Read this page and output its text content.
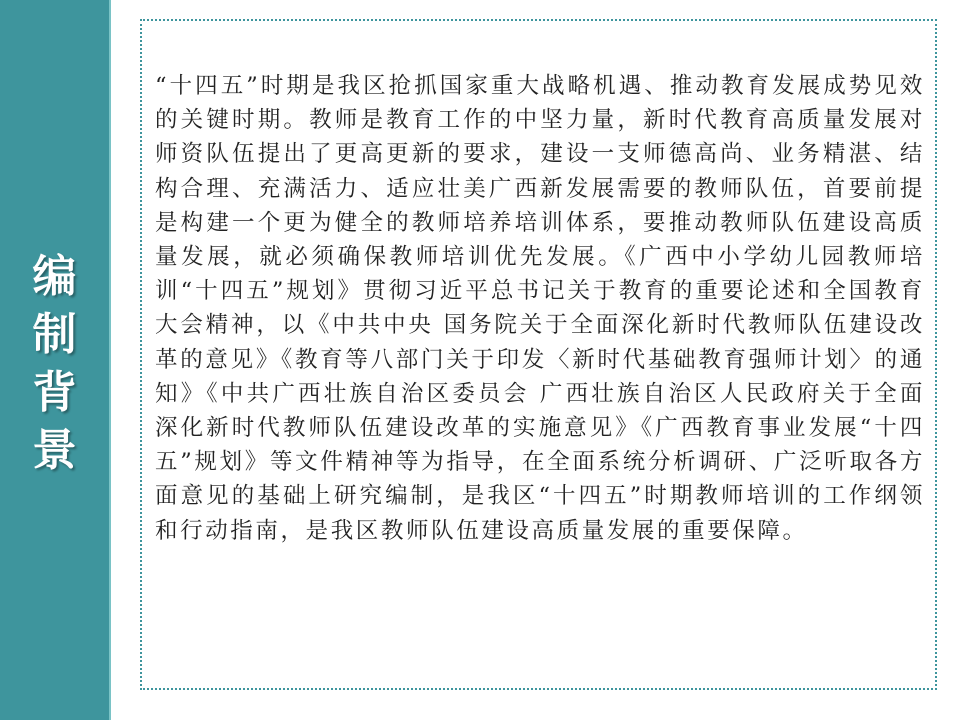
编
制
背
景

“十四五”时期是我区抢抓国家重大战略机遇、推动教育发展成势见效的关键时期。教师是教育工作的中坚力量，新时代教育高质量发展对师资队伍提出了更高更新的要求，建设一支师德高尚、业务精湛、结构合理、充满活力、适应壮美广西新发展需要的教师队伍，首要前提是构建一个更为健全的教师培养培训体系，要推动教师队伍建设高质量发展，就必须确保教师培训优先发展。《广西中小学幼儿园教师培训“十四五”规划》贯彻习近平总书记关于教育的重要论述和全国教育大会精神，以《中共中央 国务院关于全面深化新时代教师队伍建设改革的意见》《教育等八部门关于印发〈新时代基础教育强师计划〉的通知》《中共广西壮族自治区委员会 广西壮族自治区人民政府关于全面深化新时代教师队伍建设改革的实施意见》《广西教育事业发展“十四五”规划》等文件精神等为指导，在全面系统分析调研、广泛听取各方面意见的基础上研究编制，是我区“十四五”时期教师培训的工作纲领和行动指南，是我区教师队伍建设高质量发展的重要保障。
